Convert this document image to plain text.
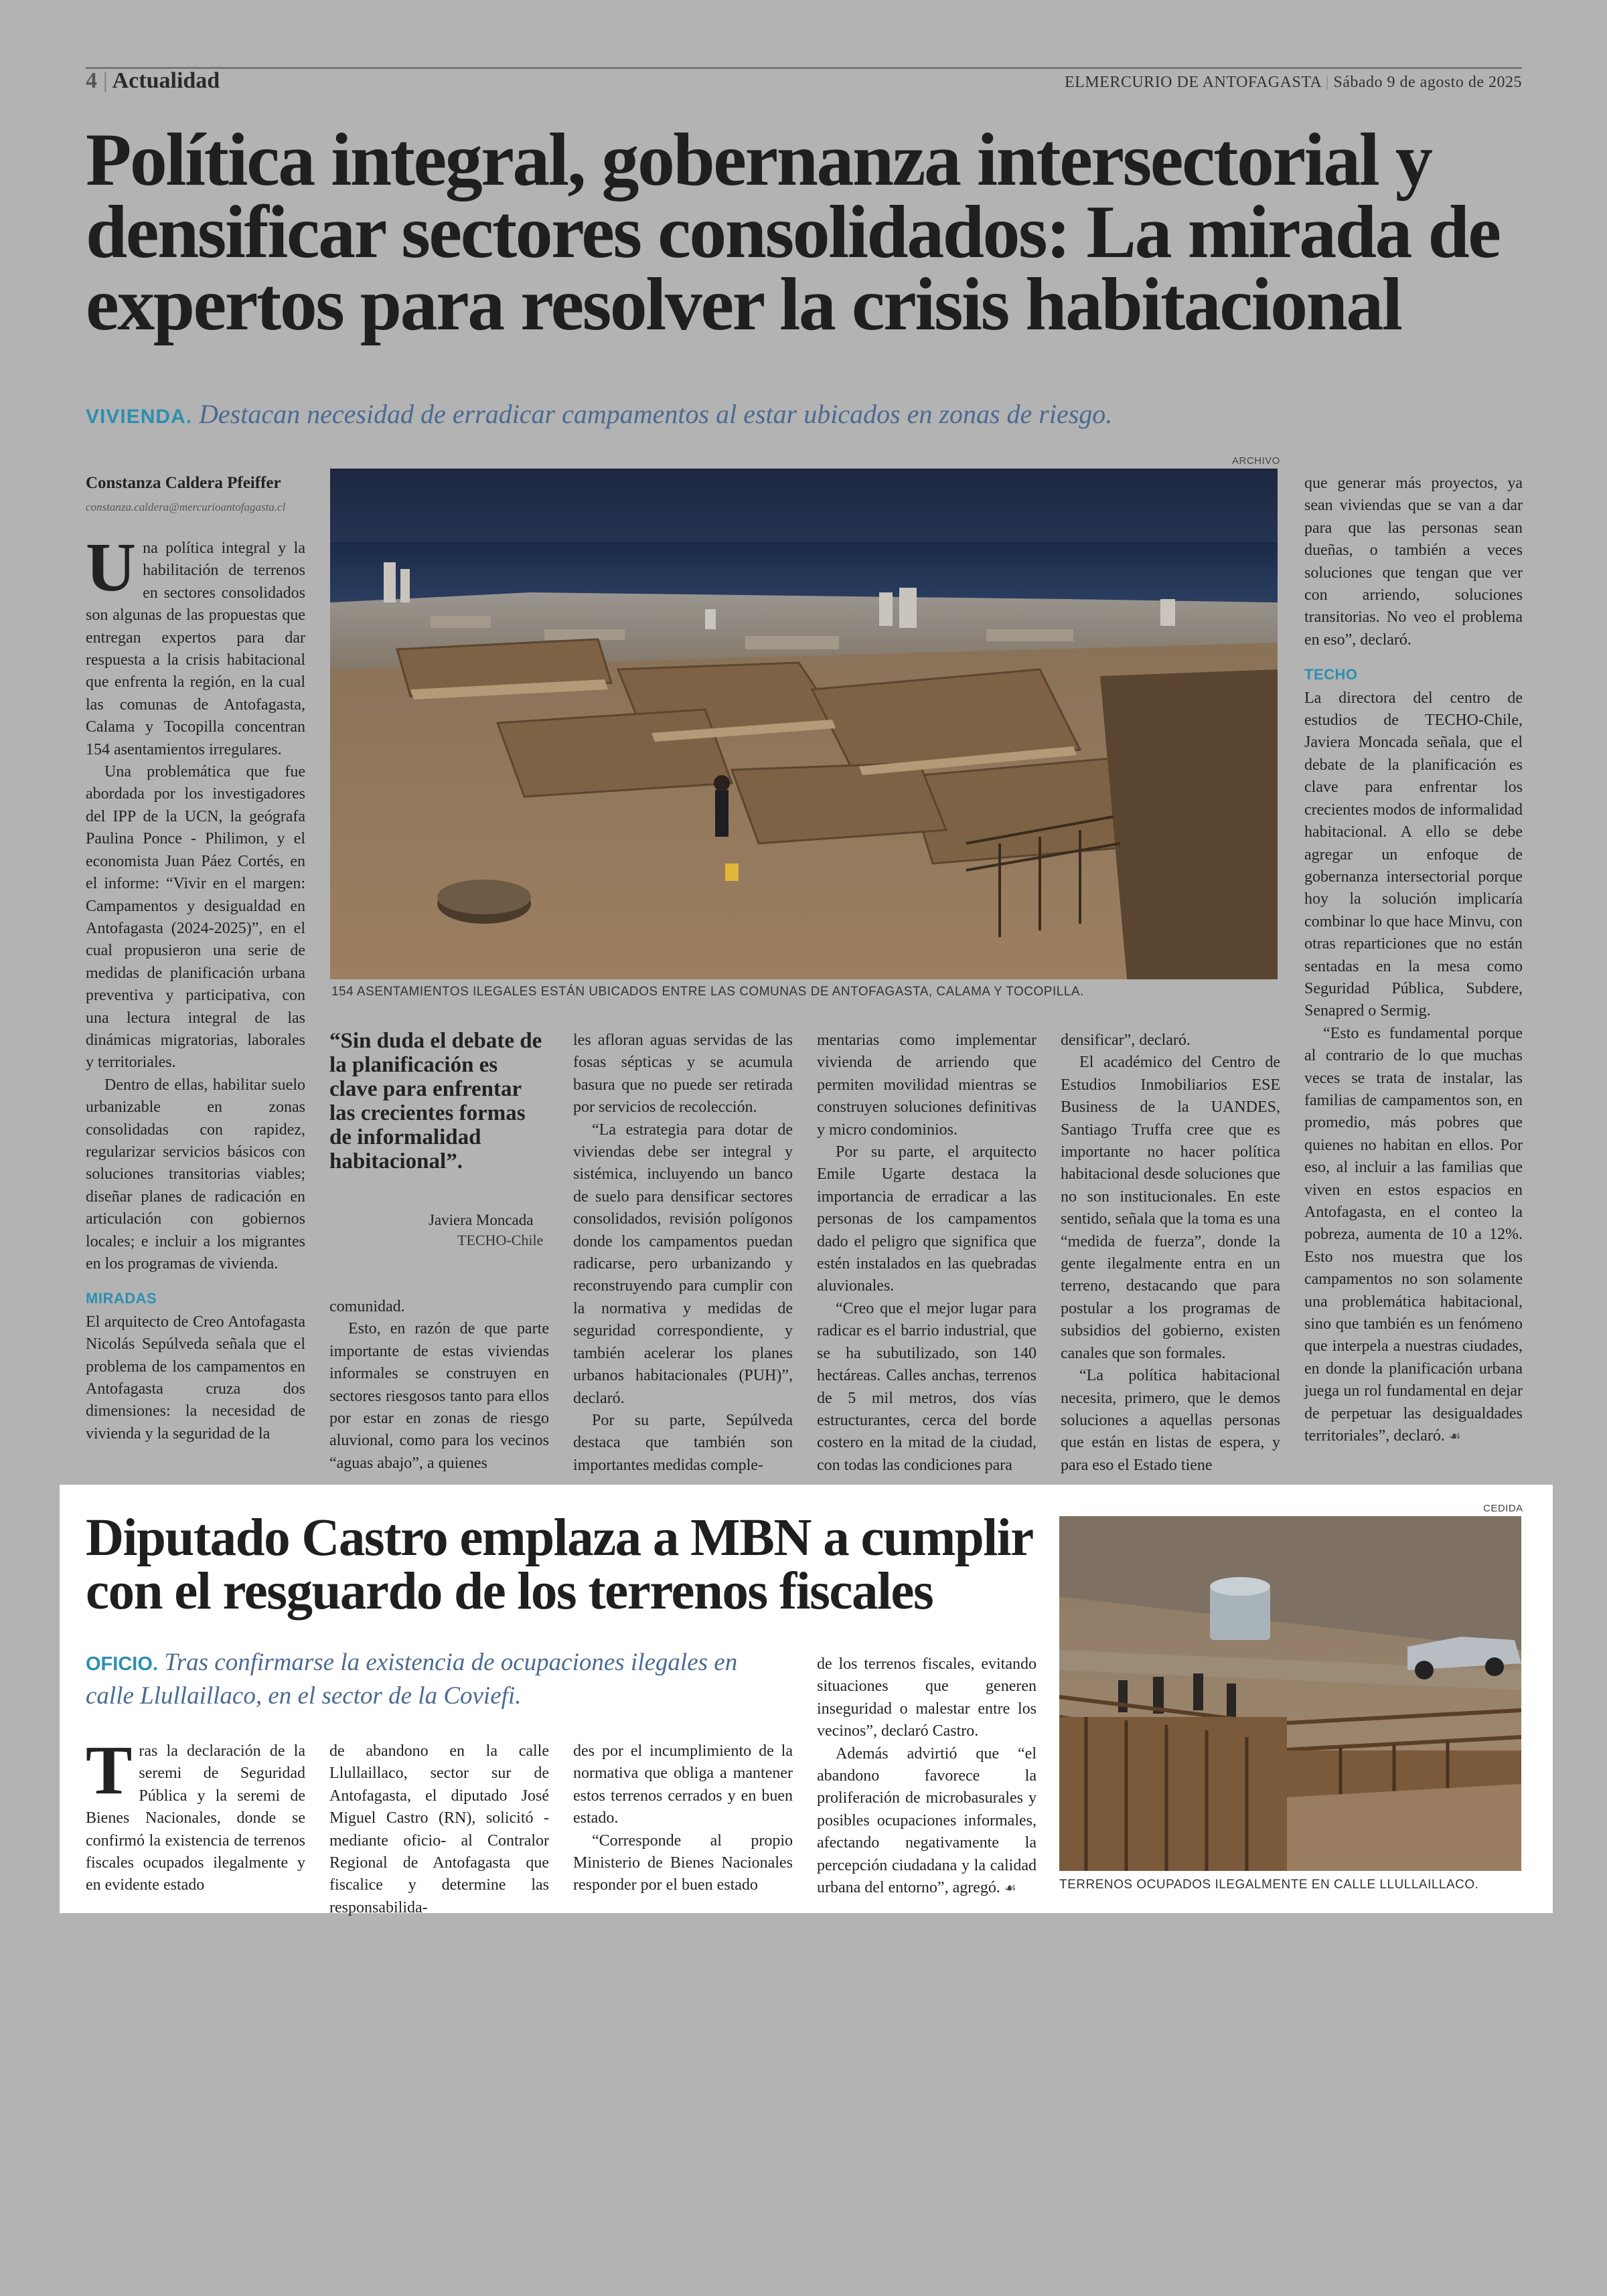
4 | Actualidad	ELMERCURIO DE ANTOFAGASTA | Sábado 9 de agosto de 2025
Política integral, gobernanza intersectorial y densificar sectores consolidados: La mirada de expertos para resolver la crisis habitacional
VIVIENDA. Destacan necesidad de erradicar campamentos al estar ubicados en zonas de riesgo.
Constanza Caldera Pfeiffer
constanza.caldera@mercurioantofagasta.cl
ARCHIVO
154 ASENTAMIENTOS ILEGALES ESTÁN UBICADOS ENTRE LAS COMUNAS DE ANTOFAGASTA, CALAMA Y TOCOPILLA.

Una política integral y la habilitación de terrenos en sectores consolidados son algunas de las propuestas que entregan expertos para dar respuesta a la crisis habitacional que enfrenta la región, en la cual las comunas de Antofagasta, Calama y Tocopilla concentran 154 asentamientos irregulares.

Una problemática que fue abordada por los investigadores del IPP de la UCN, la geógrafa Paulina Ponce - Philimon, y el economista Juan Páez Cortés, en el informe: “Vivir en el margen: Campamentos y desigualdad en Antofagasta (2024-2025)”, en el cual propusieron una serie de medidas de planificación urbana preventiva y participativa, con una lectura integral de las dinámicas migratorias, laborales y territoriales.

Dentro de ellas, habilitar suelo urbanizable en zonas consolidadas con rapidez, regularizar servicios básicos con soluciones transitorias viables; diseñar planes de radicación en articulación con gobiernos locales; e incluir a los migrantes en los programas de vivienda.

MIRADAS

El arquitecto de Creo Antofagasta Nicolás Sepúlveda señala que el problema de los campamentos en Antofagasta cruza dos dimensiones: la necesidad de vivienda y la seguridad de la

“Sin duda el debate de la planificación es clave para enfrentar las crecientes formas de informalidad habitacional”.
Javiera Moncada
TECHO-Chile

comunidad.

Esto, en razón de que parte importante de estas viviendas informales se construyen en sectores riesgosos tanto para ellos por estar en zonas de riesgo aluvional, como para los vecinos “aguas abajo”, a quienes

les afloran aguas servidas de las fosas sépticas y se acumula basura que no puede ser retirada por servicios de recolección.

“La estrategia para dotar de viviendas debe ser integral y sistémica, incluyendo un banco de suelo para densificar sectores consolidados, revisión polígonos donde los campamentos puedan radicarse, pero urbanizando y reconstruyendo para cumplir con la normativa y medidas de seguridad correspondiente, y también acelerar los planes urbanos habitacionales (PUH)”, declaró.

Por su parte, Sepúlveda destaca que también son importantes medidas comple-

mentarias como implementar vivienda de arriendo que permiten movilidad mientras se construyen soluciones definitivas y micro condominios.

Por su parte, el arquitecto Emile Ugarte destaca la importancia de erradicar a las personas de los campamentos dado el peligro que significa que estén instalados en las quebradas aluvionales.

“Creo que el mejor lugar para radicar es el barrio industrial, que se ha subutilizado, son 140 hectáreas. Calles anchas, terrenos de 5 mil metros, dos vías estructurantes, cerca del borde costero en la mitad de la ciudad, con todas las condiciones para

densificar”, declaró.

El académico del Centro de Estudios Inmobiliarios ESE Business de la UANDES, Santiago Truffa cree que es importante no hacer política habitacional desde soluciones que no son institucionales. En este sentido, señala que la toma es una “medida de fuerza”, donde la gente ilegalmente entra en un terreno, destacando que para postular a los programas de subsidios del gobierno, existen canales que son formales.

“La política habitacional necesita, primero, que le demos soluciones a aquellas personas que están en listas de espera, y para eso el Estado tiene

que generar más proyectos, ya sean viviendas que se van a dar para que las personas sean dueñas, o también a veces soluciones que tengan que ver con arriendo, soluciones transitorias. No veo el problema en eso”, declaró.

TECHO

La directora del centro de estudios de TECHO-Chile, Javiera Moncada señala, que el debate de la planificación es clave para enfrentar los crecientes modos de informalidad habitacional. A ello se debe agregar un enfoque de gobernanza intersectorial porque hoy la solución implicaría combinar lo que hace Minvu, con otras reparticiones que no están sentadas en la mesa como Seguridad Pública, Subdere, Senapred o Sermig.

“Esto es fundamental porque al contrario de lo que muchas veces se trata de instalar, las familias de campamentos son, en promedio, más pobres que quienes no habitan en ellos. Por eso, al incluir a las familias que viven en estos espacios en Antofagasta, en el conteo la pobreza, aumenta de 10 a 12%. Esto nos muestra que los campamentos no son solamente una problemática habitacional, sino que también es un fenómeno que interpela a nuestras ciudades, en donde la planificación urbana juega un rol fundamental en dejar de perpetuar las desigualdades territoriales”, declaró. ☙

Diputado Castro emplaza a MBN a cumplir con el resguardo de los terrenos fiscales
OFICIO. Tras confirmarse la existencia de ocupaciones ilegales en calle Llullaillaco, en el sector de la Coviefi.

Tras la declaración de la seremi de Seguridad Pública y la seremi de Bienes Nacionales, donde se confirmó la existencia de terrenos fiscales ocupados ilegalmente y en evidente estado

de abandono en la calle Llullaillaco, sector sur de Antofagasta, el diputado José Miguel Castro (RN), solicitó -mediante oficio- al Contralor Regional de Antofagasta que fiscalice y determine las responsabilida-

des por el incumplimiento de la normativa que obliga a mantener estos terrenos cerrados y en buen estado.

“Corresponde al propio Ministerio de Bienes Nacionales responder por el buen estado

de los terrenos fiscales, evitando situaciones que generen inseguridad o malestar entre los vecinos”, declaró Castro.

Además advirtió que “el abandono favorece la proliferación de microbasurales y posibles ocupaciones informales, afectando negativamente la percepción ciudadana y la calidad urbana del entorno”, agregó. ☙

CEDIDA
TERRENOS OCUPADOS ILEGALMENTE EN CALLE LLULLAILLACO.
